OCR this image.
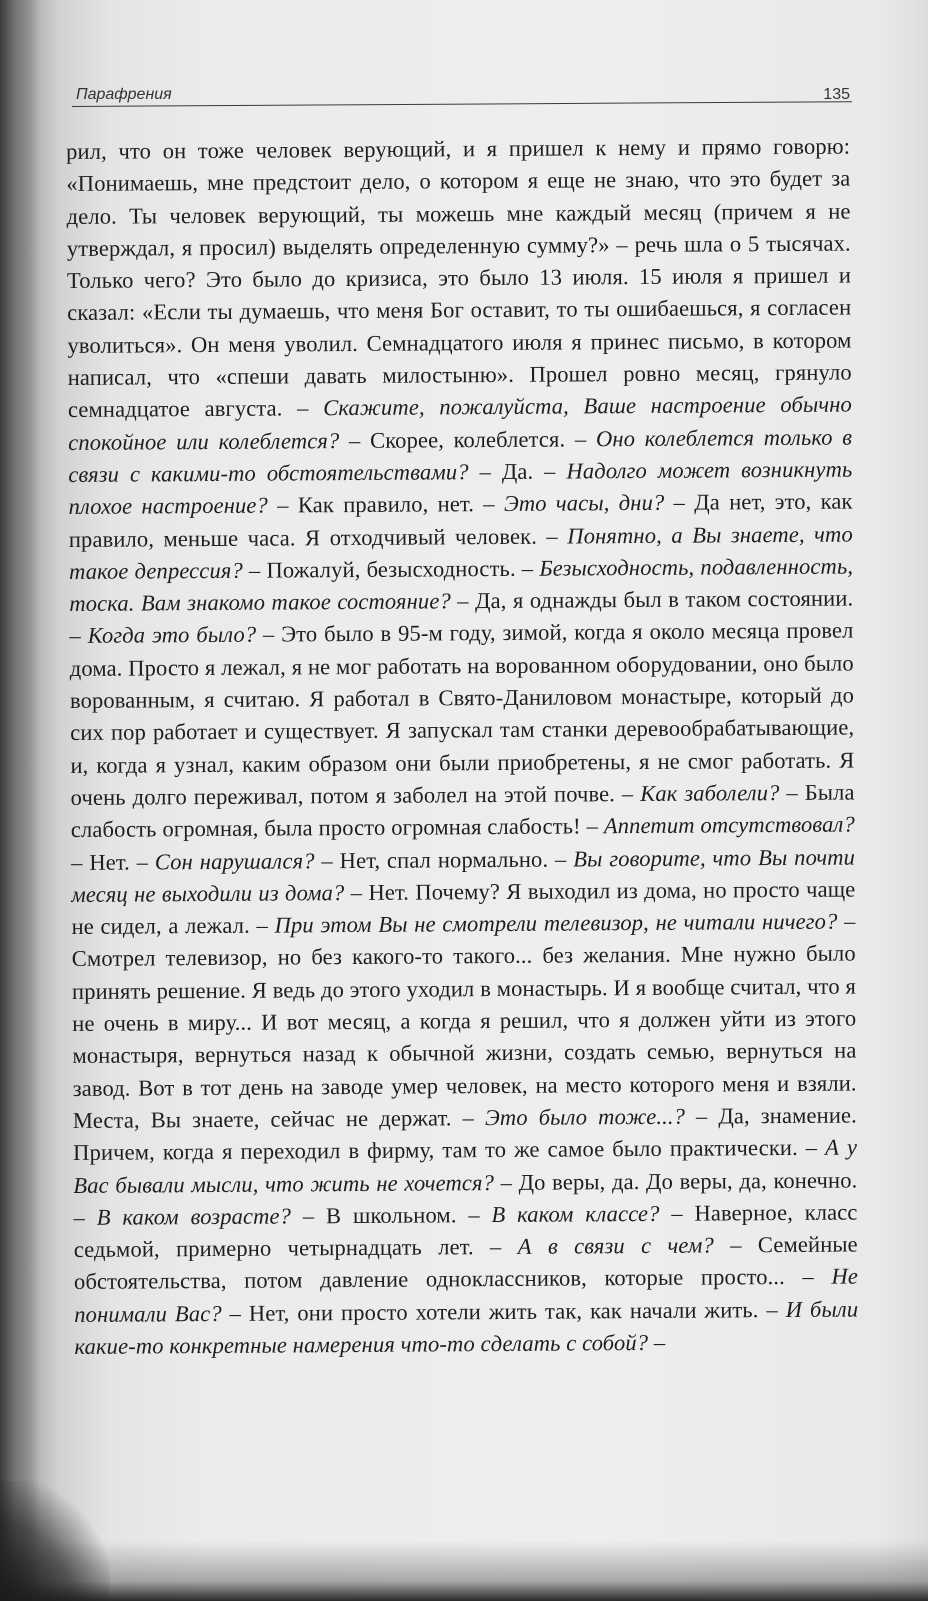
Парафрения	135

рил, что он тоже человек верующий, и я пришел к нему и прямо говорю: «Понимаешь, мне предстоит дело, о котором я еще не знаю, что это будет за дело. Ты человек верующий, ты можешь мне каждый месяц (причем я не утверждал, я просил) выделять определенную сумму?» – речь шла о 5 тысячах. Только чего? Это было до кризиса, это было 13 июля. 15 июля я пришел и сказал: «Если ты думаешь, что меня Бог оставит, то ты ошибаешься, я согласен уволиться». Он меня уволил. Семнадцатого июля я принес письмо, в котором написал, что «спеши давать милостыню». Прошел ровно месяц, грянуло семнадцатое августа. – Скажите, пожалуйста, Ваше настроение обычно спокойное или колеблется? – Скорее, колеблется. – Оно колеблется только в связи с какими-то обстоятельствами? – Да. – Надолго может возникнуть плохое настроение? – Как правило, нет. – Это часы, дни? – Да нет, это, как правило, меньше часа. Я отходчивый человек. – Понятно, а Вы знаете, что такое депрессия? – Пожалуй, безысходность. – Безысходность, подавленность, тоска. Вам знакомо такое состояние? – Да, я однажды был в таком состоянии. – Когда это было? – Это было в 95-м году, зимой, когда я около месяца провел дома. Просто я лежал, я не мог работать на ворованном оборудовании, оно было ворованным, я считаю. Я работал в Свято-Даниловом монастыре, который до сих пор работает и существует. Я запускал там станки деревообрабатывающие, и, когда я узнал, каким образом они были приобретены, я не смог работать. Я очень долго переживал, потом я заболел на этой почве. – Как заболели? – Была слабость огромная, была просто огромная слабость! – Аппетит отсутствовал? – Нет. – Сон нарушался? – Нет, спал нормально. – Вы говорите, что Вы почти месяц не выходили из дома? – Нет. Почему? Я выходил из дома, но просто чаще не сидел, а лежал. – При этом Вы не смотрели телевизор, не читали ничего? – Смотрел телевизор, но без какого-то такого... без желания. Мне нужно было принять решение. Я ведь до этого уходил в монастырь. И я вообще считал, что я не очень в миру... И вот месяц, а когда я решил, что я должен уйти из этого монастыря, вернуться назад к обычной жизни, создать семью, вернуться на завод. Вот в тот день на заводе умер человек, на место которого меня и взяли. Места, Вы знаете, сейчас не держат. – Это было тоже...? – Да, знамение. Причем, когда я переходил в фирму, там то же самое было практически. – А у Вас бывали мысли, что жить не хочется? – До веры, да. До веры, да, конечно. – В каком возрасте? – В школьном. – В каком классе? – Наверное, класс седьмой, примерно четырнадцать лет. – А в связи с чем? – Семейные обстоятельства, потом давление одноклассников, которые просто... – Не понимали Вас? – Нет, они просто хотели жить так, как начали жить. – И были какие-то конкретные намерения что-то сделать с собой? –
